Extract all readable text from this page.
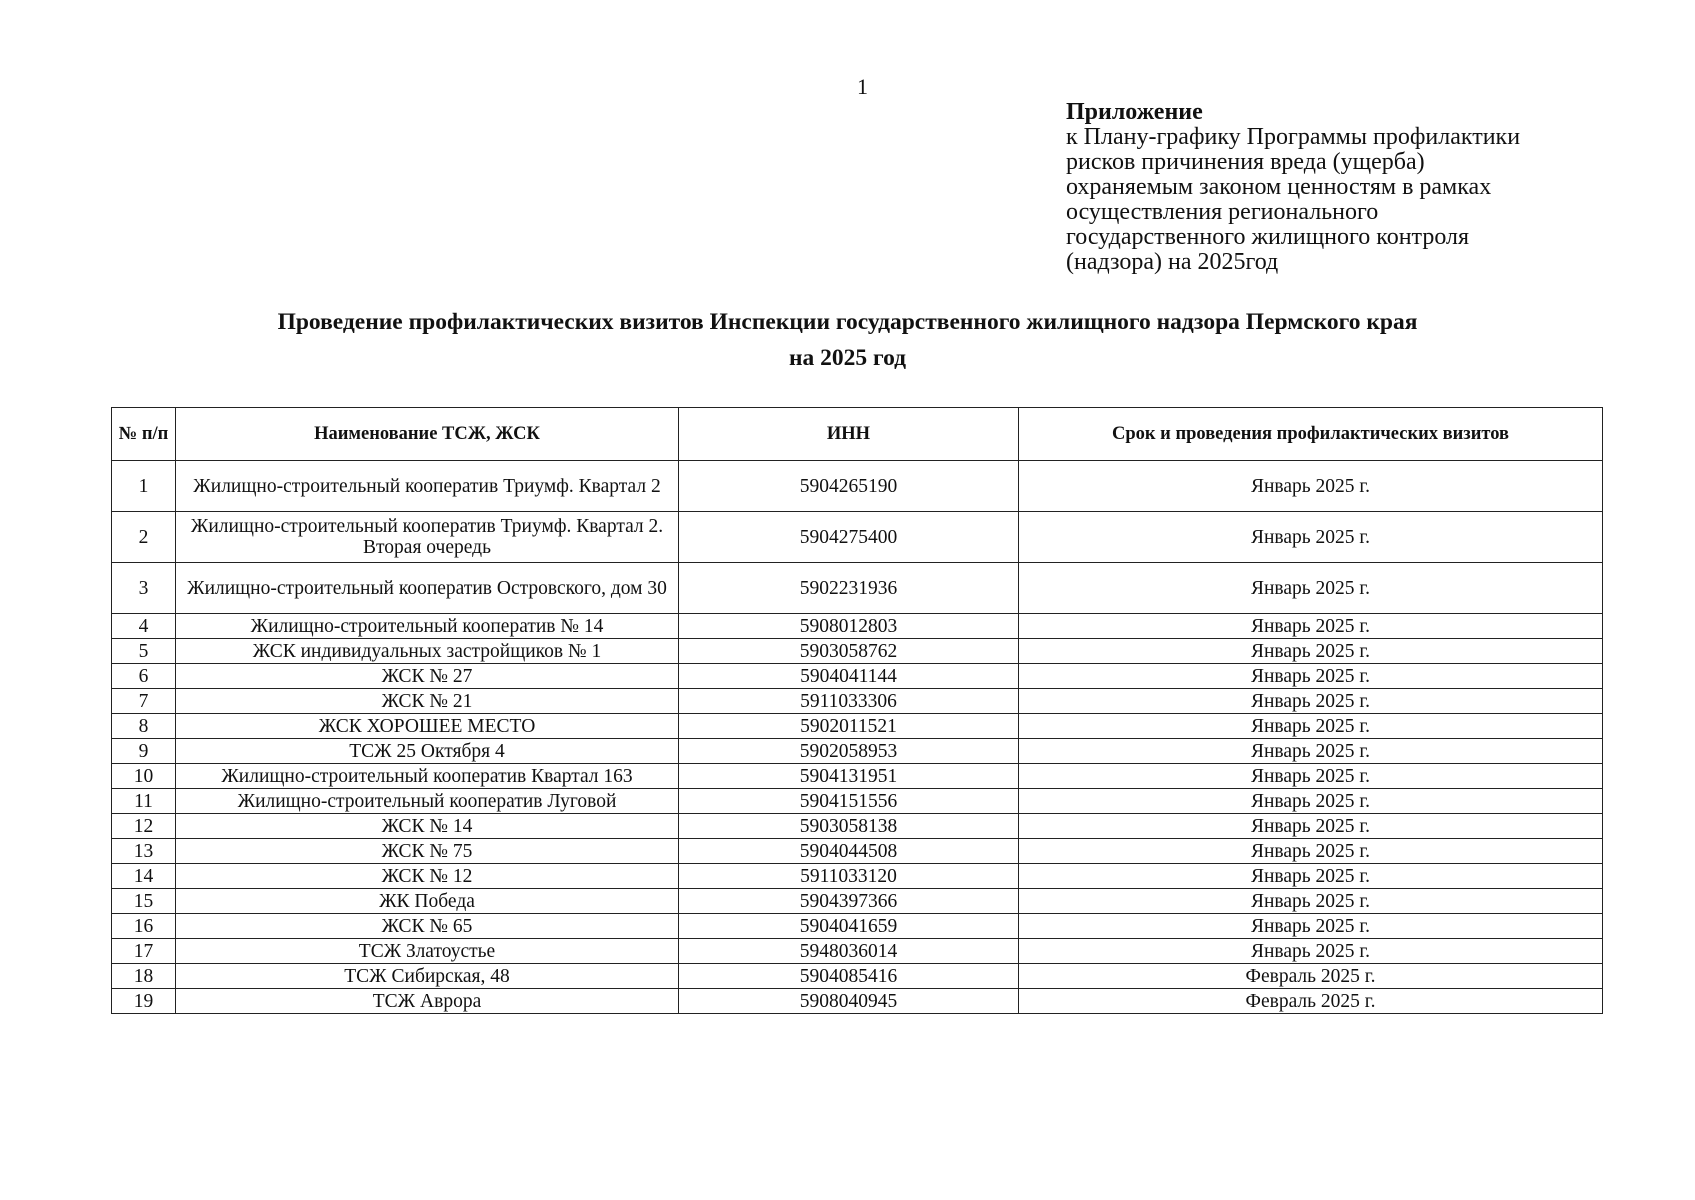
1
Приложение
к Плану-графику Программы профилактики
рисков причинения вреда (ущерба)
охраняемым законом ценностям в рамках
осуществления регионального
государственного жилищного контроля
(надзора) на 2025год
Проведение профилактических визитов Инспекции государственного жилищного надзора Пермского края
на 2025 год
№ п/п	Наименование ТСЖ, ЖСК	ИНН	Срок и проведения профилактических визитов
1	Жилищно-строительный кооператив Триумф. Квартал 2	5904265190	Январь 2025 г.
2	Жилищно-строительный кооператив Триумф. Квартал 2. Вторая очередь	5904275400	Январь 2025 г.
3	Жилищно-строительный кооператив Островского, дом 30	5902231936	Январь 2025 г.
4	Жилищно-строительный кооператив № 14	5908012803	Январь 2025 г.
5	ЖСК индивидуальных застройщиков № 1	5903058762	Январь 2025 г.
6	ЖСК № 27	5904041144	Январь 2025 г.
7	ЖСК № 21	5911033306	Январь 2025 г.
8	ЖСК ХОРОШЕЕ МЕСТО	5902011521	Январь 2025 г.
9	ТСЖ 25 Октября 4	5902058953	Январь 2025 г.
10	Жилищно-строительный кооператив Квартал 163	5904131951	Январь 2025 г.
11	Жилищно-строительный кооператив Луговой	5904151556	Январь 2025 г.
12	ЖСК № 14	5903058138	Январь 2025 г.
13	ЖСК № 75	5904044508	Январь 2025 г.
14	ЖСК № 12	5911033120	Январь 2025 г.
15	ЖК Победа	5904397366	Январь 2025 г.
16	ЖСК № 65	5904041659	Январь 2025 г.
17	ТСЖ Златоустье	5948036014	Январь 2025 г.
18	ТСЖ Сибирская, 48	5904085416	Февраль 2025 г.
19	ТСЖ Аврора	5908040945	Февраль 2025 г.
